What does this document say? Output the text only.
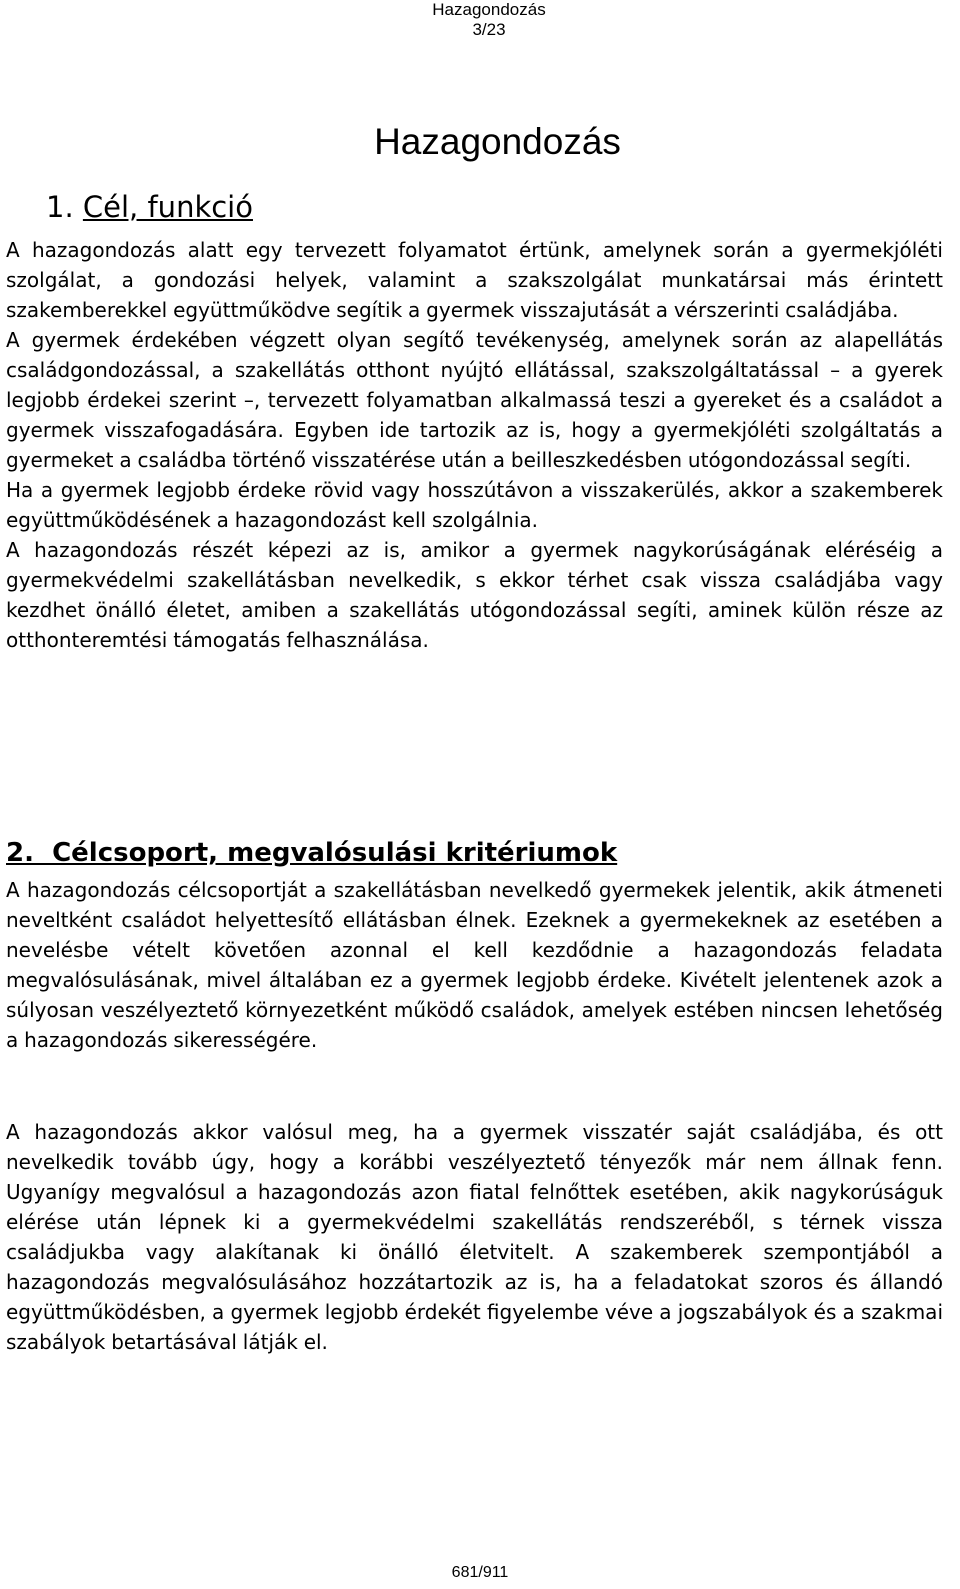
Hazagondozás
3/23
Hazagondozás
1. Cél, funkció

A hazagondozás alatt egy tervezett folyamatot értünk, amelynek során a gyermekjóléti szolgálat, a gondozási helyek, valamint a szakszolgálat munkatársai más érintett szakemberekkel együttműködve segítik a gyermek visszajutását a vérszerinti családjába.

A gyermek érdekében végzett olyan segítő tevékenység, amelynek során az alapellátás családgondozással, a szakellátás otthont nyújtó ellátással, szakszolgáltatással – a gyerek legjobb érdekei szerint –, tervezett folyamatban alkalmassá teszi a gyereket és a családot a gyermek visszafogadására. Egyben ide tartozik az is, hogy a gyermekjóléti szolgáltatás a gyermeket a családba történő visszatérése után a beilleszkedésben utógondozással segíti.

Ha a gyermek legjobb érdeke rövid vagy hosszútávon a visszakerülés, akkor a szakemberek együttműködésének a hazagondozást kell szolgálnia.

A hazagondozás részét képezi az is, amikor a gyermek nagykorúságának eléréséig a gyermekvédelmi szakellátásban nevelkedik, s ekkor térhet csak vissza családjába vagy kezdhet önálló életet, amiben a szakellátás utógondozással segíti, aminek külön része az otthonteremtési támogatás felhasználása.

2.  Célcsoport, megvalósulási kritériumok

A hazagondozás célcsoportját a szakellátásban nevelkedő gyermekek jelentik, akik átmeneti neveltként családot helyettesítő ellátásban élnek. Ezeknek a gyermekeknek az esetében a nevelésbe vételt követően azonnal el kell kezdődnie a hazagondozás feladata megvalósulásának, mivel általában ez a gyermek legjobb érdeke. Kivételt jelentenek azok a súlyosan veszélyeztető környezetként működő családok, amelyek estében nincsen lehetőség a hazagondozás sikerességére.

A hazagondozás akkor valósul meg, ha a gyermek visszatér saját családjába, és ott nevelkedik tovább úgy, hogy a korábbi veszélyeztető tényezők már nem állnak fenn. Ugyanígy megvalósul a hazagondozás azon fiatal felnőttek esetében, akik nagykorúságuk elérése után lépnek ki a gyermekvédelmi szakellátás rendszeréből, s térnek vissza családjukba vagy alakítanak ki önálló életvitelt. A szakemberek szempontjából a hazagondozás megvalósulásához hozzátartozik az is, ha a feladatokat szoros és állandó együttműködésben, a gyermek legjobb érdekét figyelembe véve a jogszabályok és a szakmai szabályok betartásával látják el.

681/911
